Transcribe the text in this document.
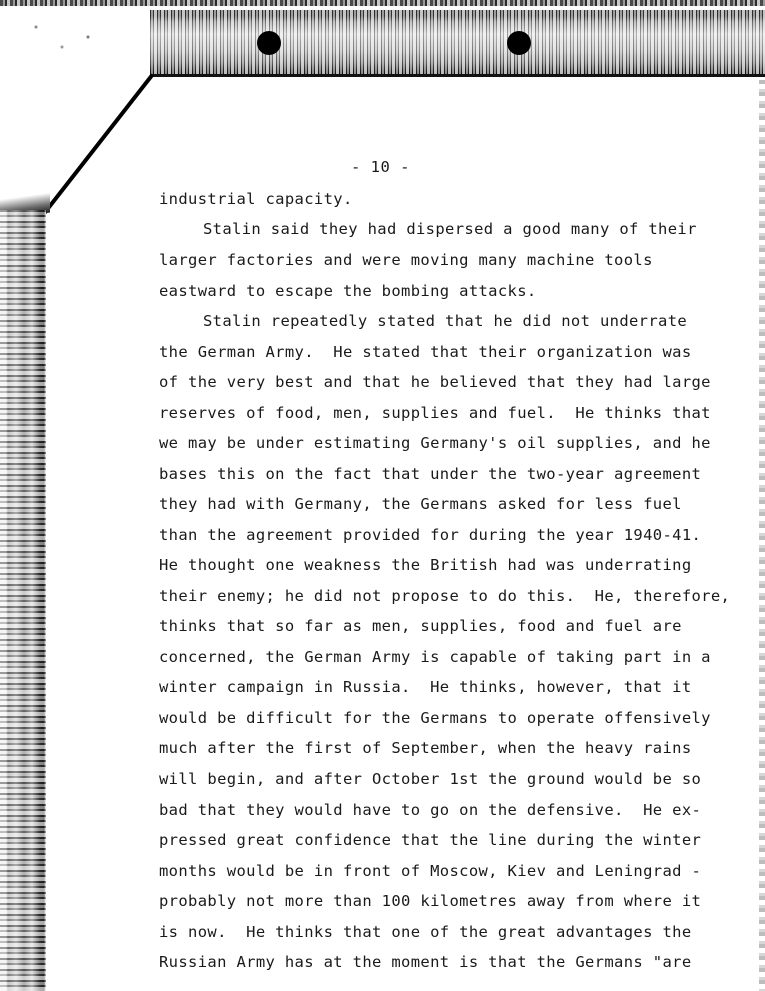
- 10 -
industrial capacity.
Stalin said they had dispersed a good many of their
larger factories and were moving many machine tools
eastward to escape the bombing attacks.
Stalin repeatedly stated that he did not underrate
the German Army.  He stated that their organization was
of the very best and that he believed that they had large
reserves of food, men, supplies and fuel.  He thinks that
we may be under estimating Germany's oil supplies, and he
bases this on the fact that under the two-year agreement
they had with Germany, the Germans asked for less fuel
than the agreement provided for during the year 1940-41.
He thought one weakness the British had was underrating
their enemy; he did not propose to do this.  He, therefore,
thinks that so far as men, supplies, food and fuel are
concerned, the German Army is capable of taking part in a
winter campaign in Russia.  He thinks, however, that it
would be difficult for the Germans to operate offensively
much after the first of September, when the heavy rains
will begin, and after October 1st the ground would be so
bad that they would have to go on the defensive.  He ex-
pressed great confidence that the line during the winter
months would be in front of Moscow, Kiev and Leningrad -
probably not more than 100 kilometres away from where it
is now.  He thinks that one of the great advantages the
Russian Army has at the moment is that the Germans "are
